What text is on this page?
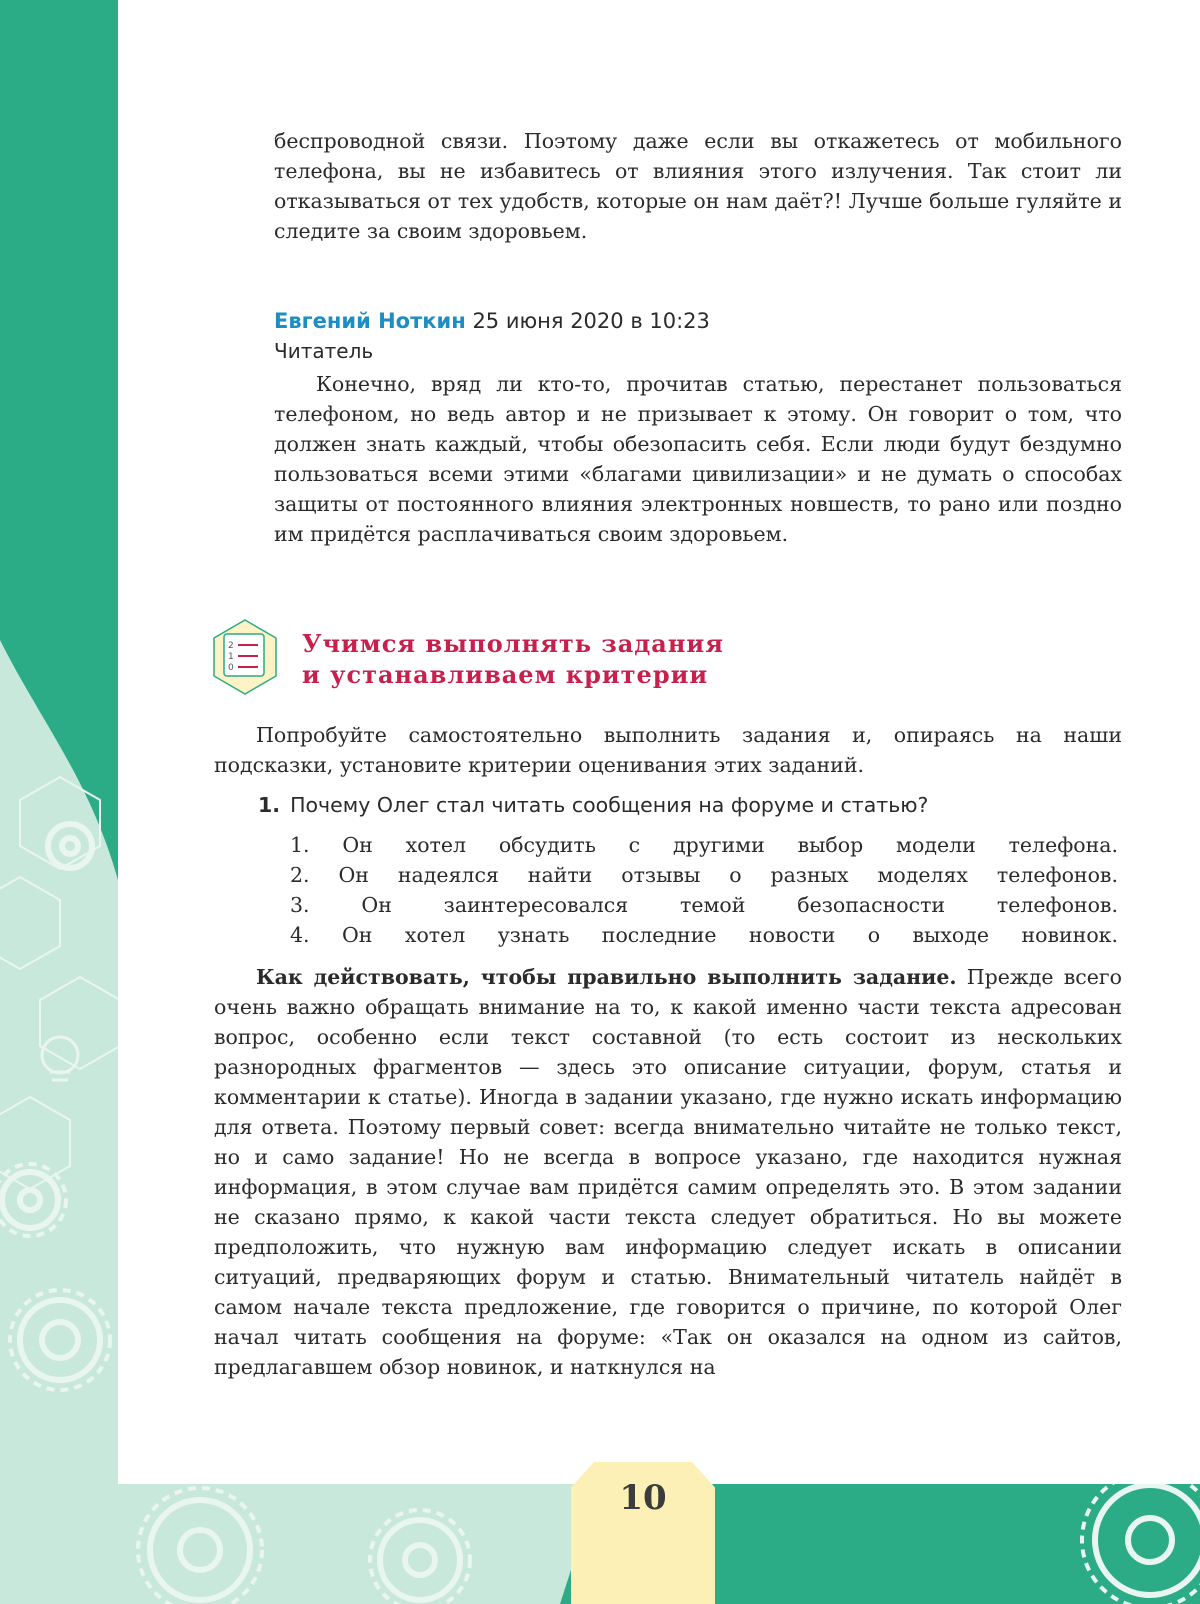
беспроводной связи. Поэтому даже если вы откажетесь от мобильного телефона, вы не избавитесь от влияния этого излучения. Так стоит ли отказываться от тех удобств, которые он нам даёт?! Лучше больше гуляйте и следите за своим здоровьем.

Евгений Ноткин 25 июня 2020 в 10:23

Читатель

Конечно, вряд ли кто-то, прочитав статью, перестанет пользоваться телефоном, но ведь автор и не призывает к этому. Он говорит о том, что должен знать каждый, чтобы обезопасить себя. Если люди будут бездумно пользоваться всеми этими «благами цивилизации» и не думать о способах защиты от постоянного влияния электронных новшеств, то рано или поздно им придётся расплачиваться своим здоровьем.

2
1
0
Учимся выполнять задания
и устанавливаем критерии

Попробуйте самостоятельно выполнить задания и, опираясь на наши подсказки, установите критерии оценивания этих заданий.

1. Почему Олег стал читать сообщения на форуме и статью?

1. Он хотел обсудить с другими выбор модели телефона.
2. Он надеялся найти отзывы о разных моделях телефонов.
3. Он заинтересовался темой безопасности телефонов.
4. Он хотел узнать последние новости о выходе новинок.

Как действовать, чтобы правильно выполнить задание. Прежде всего очень важно обращать внимание на то, к какой именно части текста адресован вопрос, особенно если текст составной (то есть состоит из нескольких разнородных фрагментов — здесь это описание ситуации, форум, статья и комментарии к статье). Иногда в задании указано, где нужно искать информацию для ответа. Поэтому первый совет: всегда внимательно читайте не только текст, но и само задание! Но не всегда в вопросе указано, где находится нужная информация, в этом случае вам придётся самим определять это. В этом задании не сказано прямо, к какой части текста следует обратиться. Но вы можете предположить, что нужную вам информацию следует искать в описании ситуаций, предваряющих форум и статью. Внимательный читатель найдёт в самом начале текста предложение, где говорится о причине, по которой Олег начал читать сообщения на форуме: «Так он оказался на одном из сайтов, предлагавшем обзор новинок, и наткнулся на

10
